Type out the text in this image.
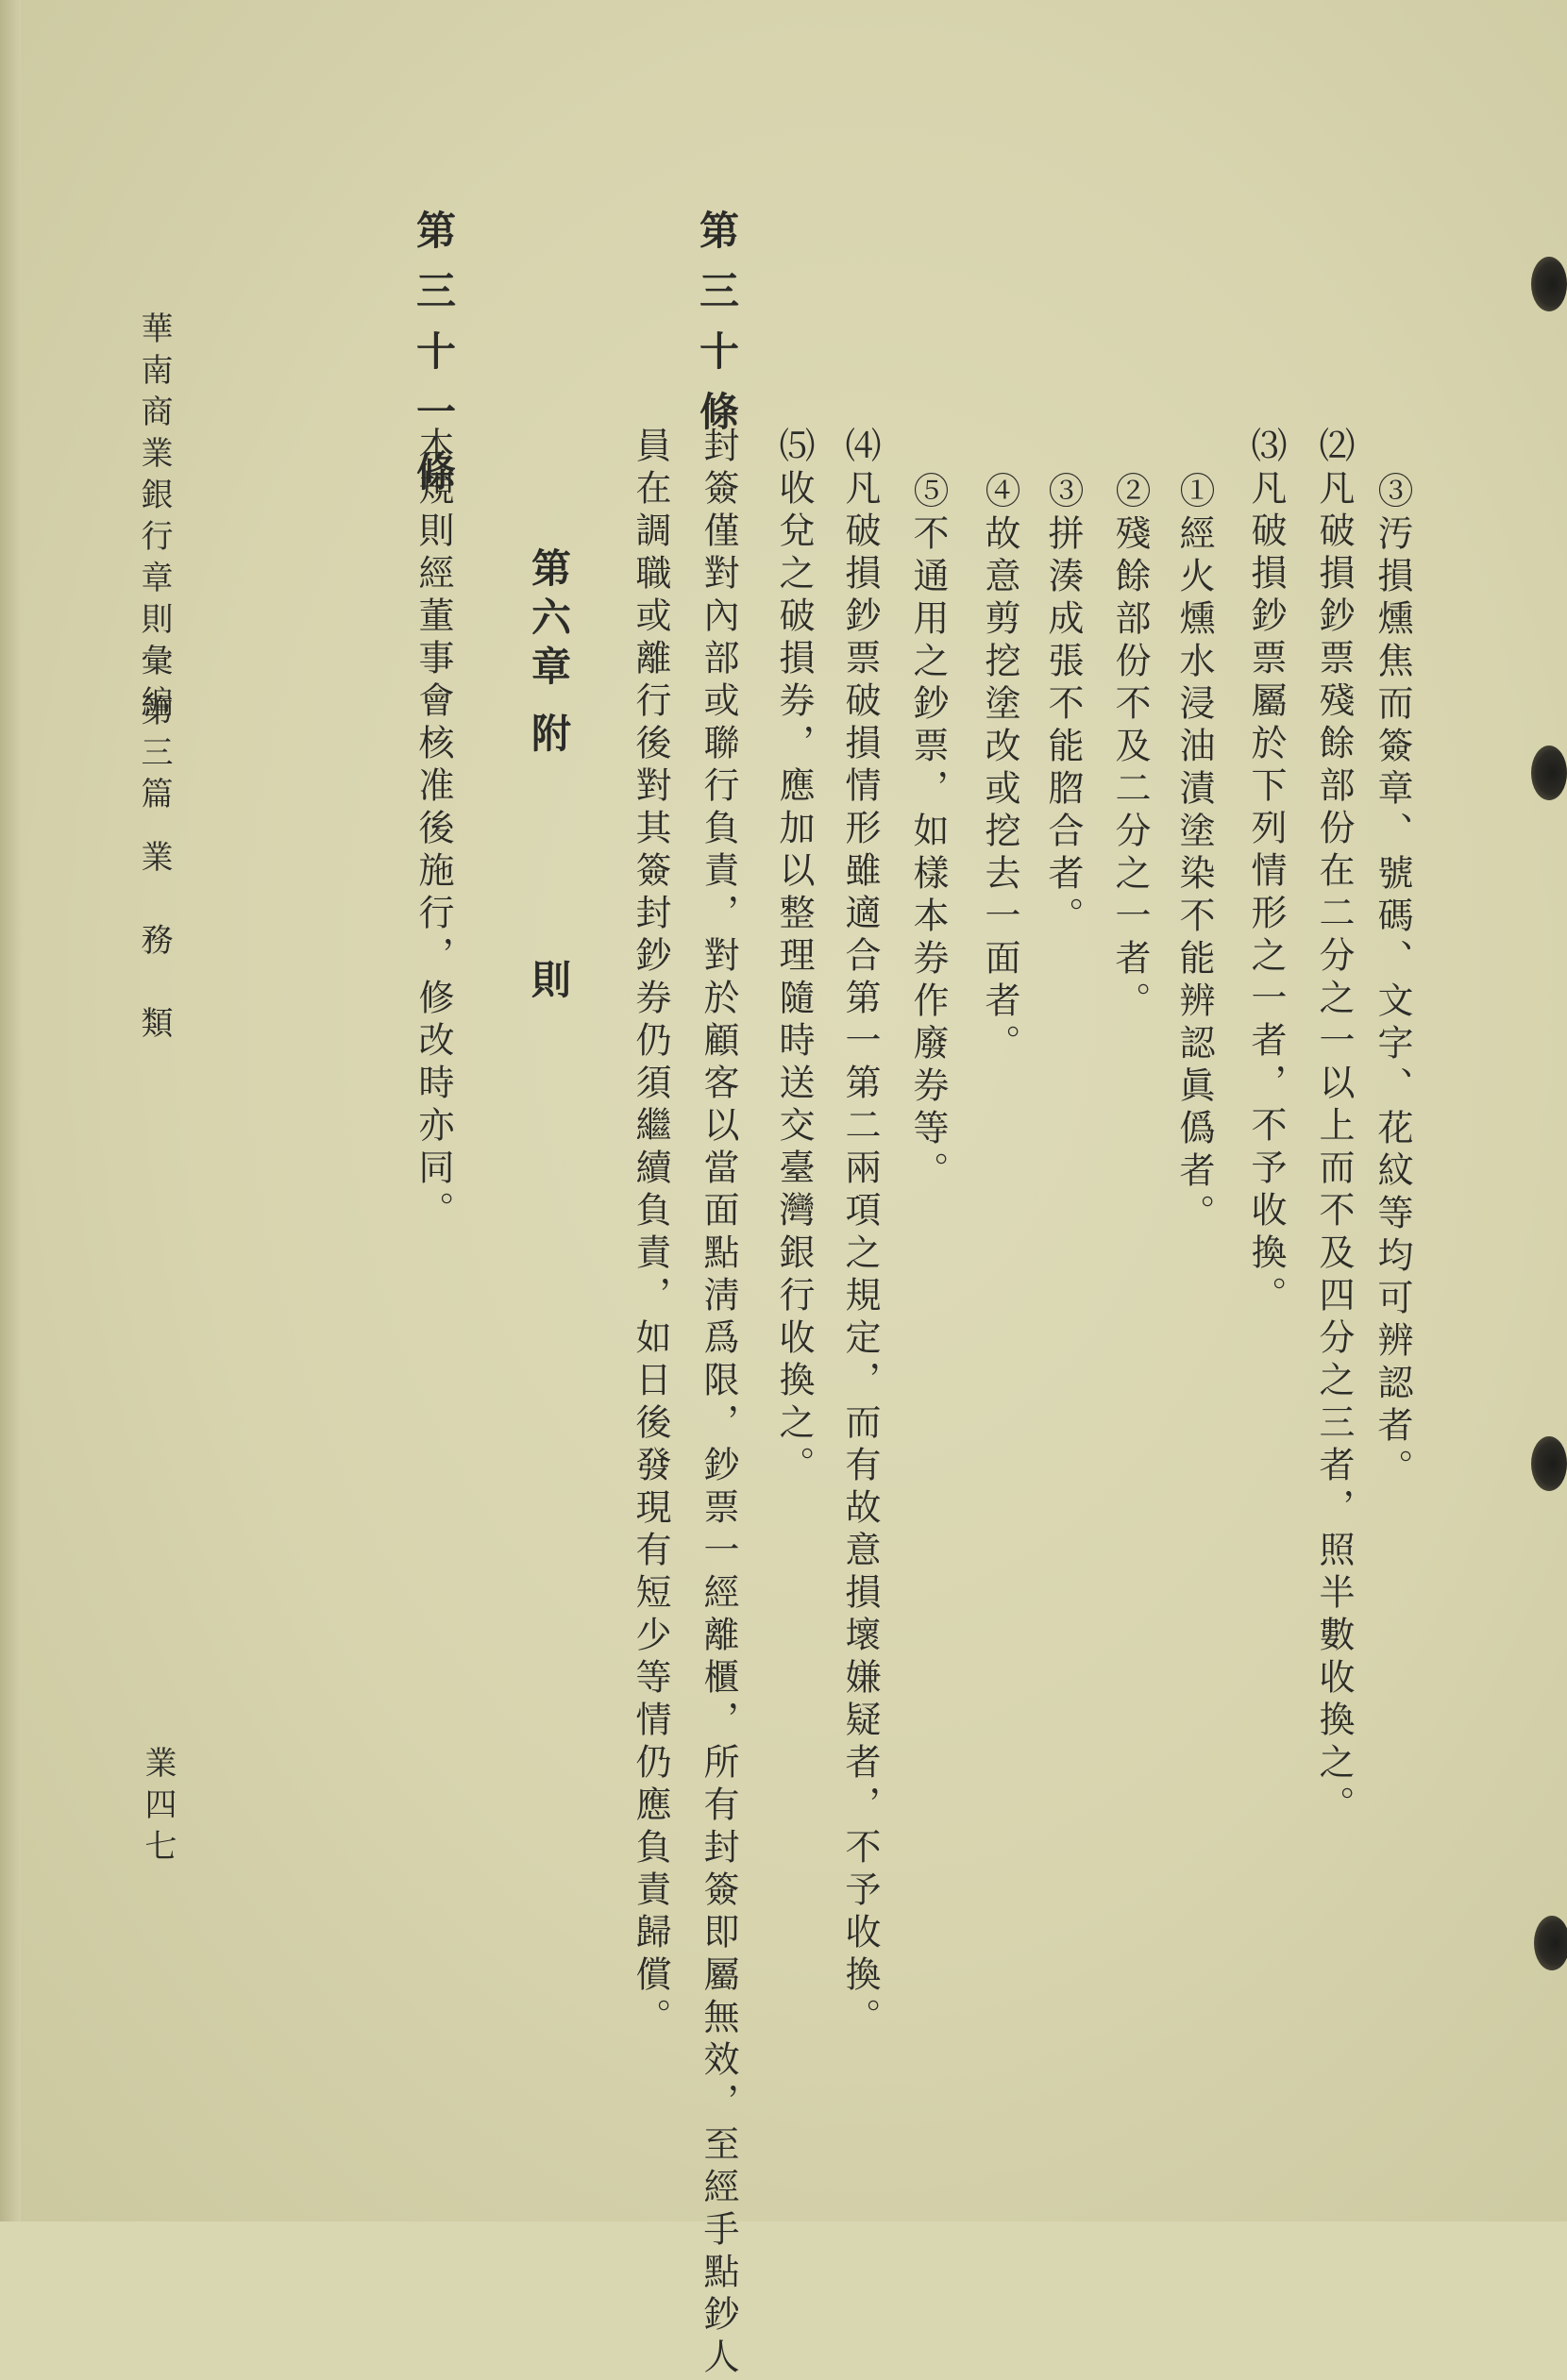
③汚損燻焦而簽章、號碼、文字、花紋等均可辨認者。
⑵凡破損鈔票殘餘部份在二分之一以上而不及四分之三者，照半數收換之。
⑶凡破損鈔票屬於下列情形之一者，不予收換。
①經火燻水浸油漬塗染不能辨認眞僞者。
②殘餘部份不及二分之一者。
③拼湊成張不能脗合者。
④故意剪挖塗改或挖去一面者。
⑤不通用之鈔票，如樣本券作廢券等。
⑷凡破損鈔票破損情形雖適合第一第二兩項之規定，而有故意損壞嫌疑者，不予收換。
⑸收兌之破損券，應加以整理隨時送交臺灣銀行收換之。
第三十條
封簽僅對內部或聯行負責，對於顧客以當面點淸爲限，鈔票一經離櫃，所有封簽即屬無效，至經手點鈔人
員在調職或離行後對其簽封鈔券仍須繼續負責，如日後發現有短少等情仍應負責歸償。
第六章
附
則
第三十一條
本規則經董事會核准後施行，修改時亦同。
華南商業銀行章則彙編
第三篇
業　務　類
業四七
